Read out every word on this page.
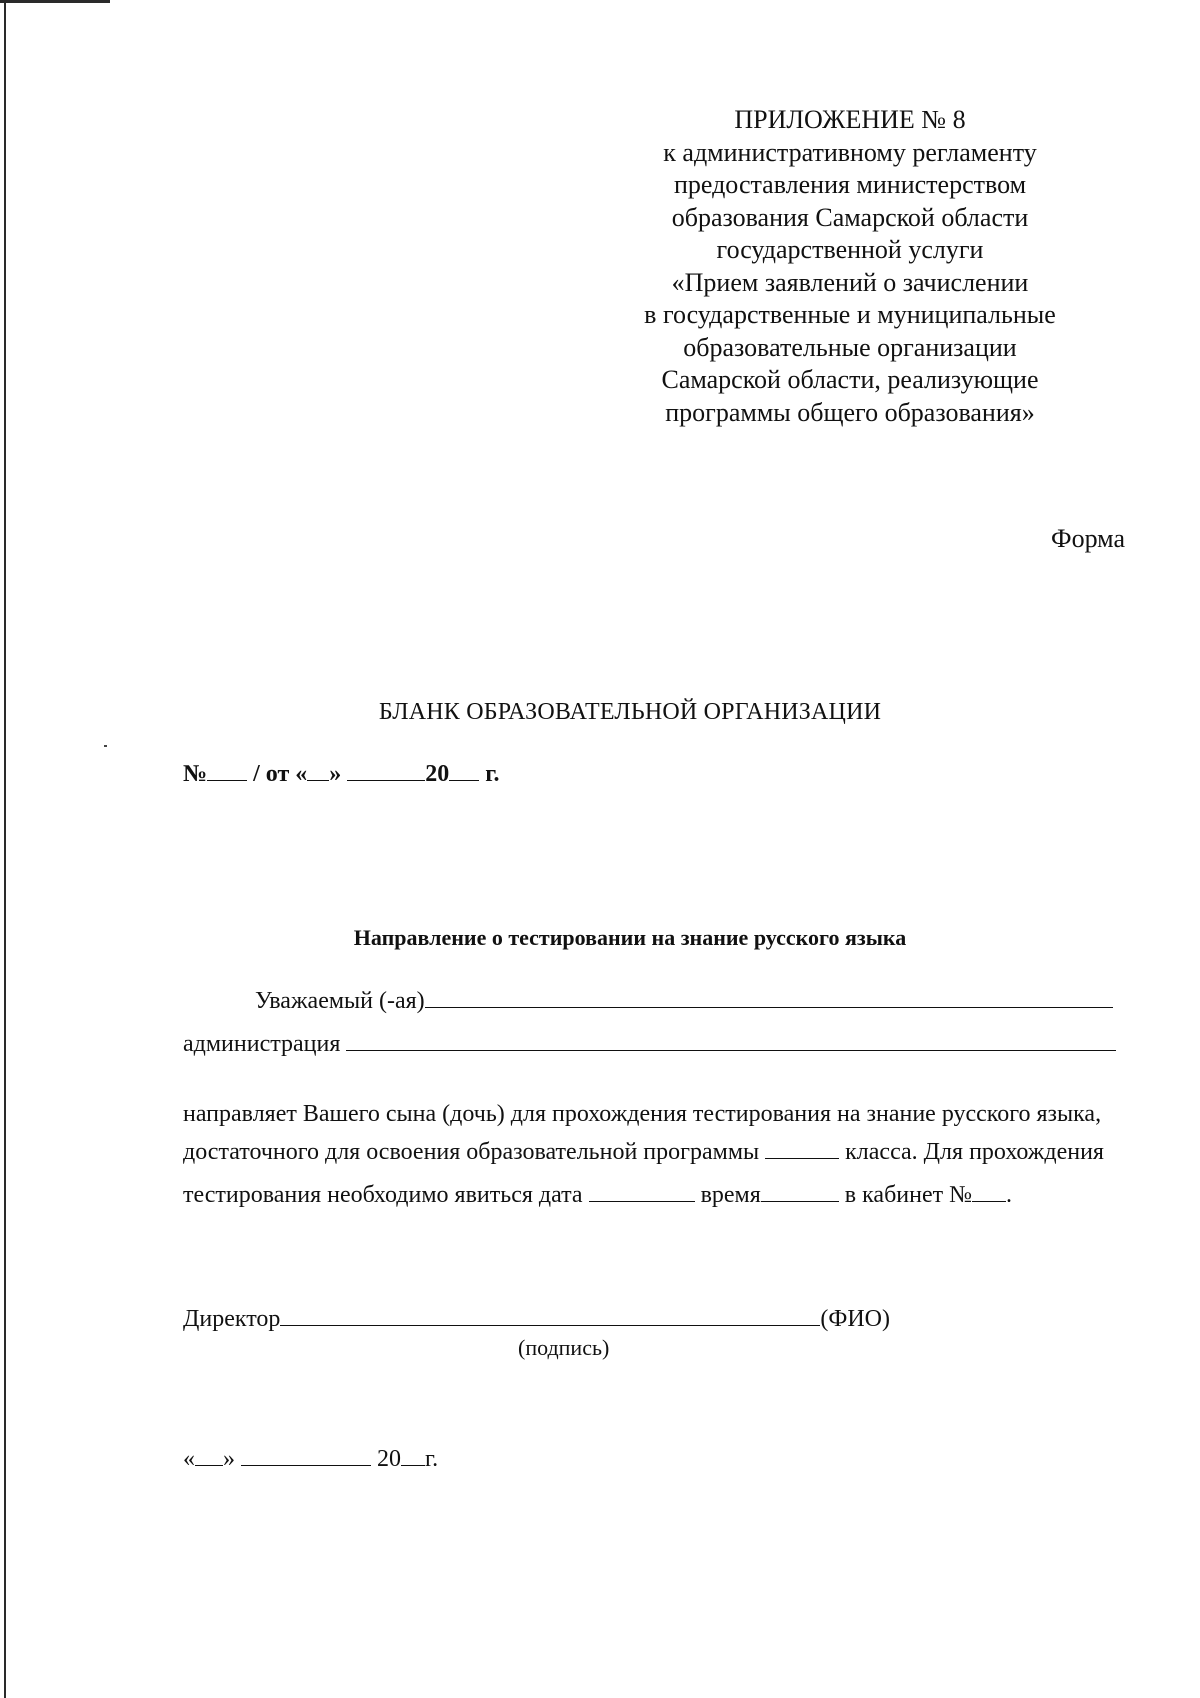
ПРИЛОЖЕНИЕ № 8
к административному регламенту
предоставления министерством
образования Самарской области
государственной услуги
«Прием заявлений о зачислении
в государственные и муниципальные
образовательные организации
Самарской области, реализующие
программы общего образования»
Форма
БЛАНК ОБРАЗОВАТЕЛЬНОЙ ОРГАНИЗАЦИИ
№ / от « »	20 г.
Направление о тестировании на знание русского языка
Уважаемый (-ая)
администрация
направляет Вашего сына (дочь) для прохождения тестирования на знание русского языка,
достаточного для освоения образовательной программы	класса. Для прохождения
тестирования необходимо явиться дата	время	в кабинет № .
Директор	(ФИО)
(подпись)
« »	20 г.
